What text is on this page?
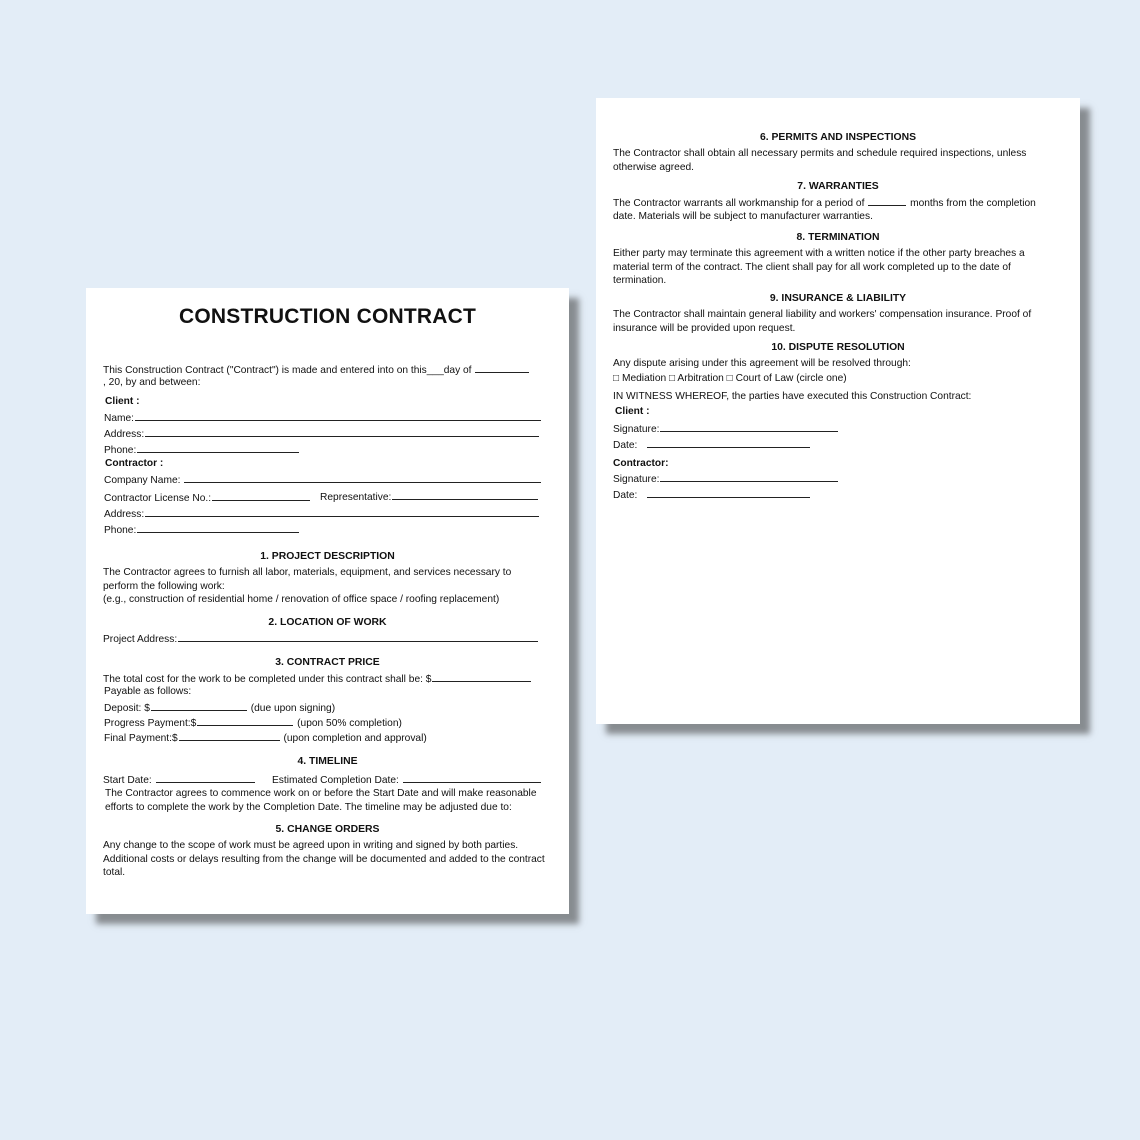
CONSTRUCTION CONTRACT
This Construction Contract ("Contract") is made and entered into on this___day of
, 20, by and between:
Client :
Name:
Address:
Phone:
Contractor :
Company Name:
Contractor License No.:	Representative:
Address:
Phone:
1. PROJECT DESCRIPTION
The Contractor agrees to furnish all labor, materials, equipment, and services necessary to perform the following work:
(e.g., construction of residential home / renovation of office space / roofing replacement)
2. LOCATION OF WORK
Project Address:
3. CONTRACT PRICE
The total cost for the work to be completed under this contract shall be: $
Payable as follows:
Deposit: $	(due upon signing)
Progress Payment:$	(upon 50% completion)
Final Payment:$	(upon completion and approval)
4. TIMELINE
Start Date:	Estimated Completion Date:
The Contractor agrees to commence work on or before the Start Date and will make reasonable efforts to complete the work by the Completion Date. The timeline may be adjusted due to:
5. CHANGE ORDERS
Any change to the scope of work must be agreed upon in writing and signed by both parties. Additional costs or delays resulting from the change will be documented and added to the contract total.
6. PERMITS AND INSPECTIONS
The Contractor shall obtain all necessary permits and schedule required inspections, unless otherwise agreed.
7. WARRANTIES
The Contractor warrants all workmanship for a period of	months from the completion
date. Materials will be subject to manufacturer warranties.
8. TERMINATION
Either party may terminate this agreement with a written notice if the other party breaches a material term of the contract. The client shall pay for all work completed up to the date of termination.
9. INSURANCE & LIABILITY
The Contractor shall maintain general liability and workers' compensation insurance. Proof of insurance will be provided upon request.
10. DISPUTE RESOLUTION
Any dispute arising under this agreement will be resolved through:
□ Mediation □ Arbitration □ Court of Law (circle one)
IN WITNESS WHEREOF, the parties have executed this Construction Contract:
Client :
Signature:
Date:
Contractor:
Signature:
Date:
